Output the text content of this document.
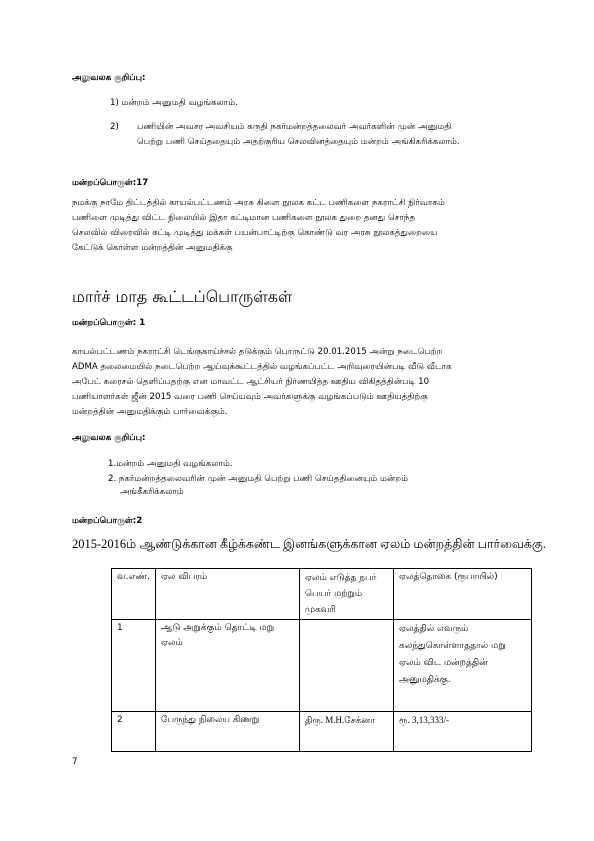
அலுவலக குறிப்பு:

1) மன்றம் அனுமதி வழங்கலாம்.

2) பணியின் அவசர அவசியம் கருதி நகர்மன்றத்தலைவர் அவர்களின் முன் அனுமதி

பெற்று பணி செய்ததையும் அதற்குரிய செலவினத்தையும் மன்றம் அங்கிகரிக்கலாம்.

மன்றப்பொருள்:17

நமக்கு நாமே திட்டத்தில் காயல்பட்டணம் அரசு கிளை நூலக கட்ட பணிகளை நகராட்சி நிர்வாகம்
பணிளை முடித்து விட்ட நிலையில் இதா கட்டிமான பணிகளை நூலக துறை தனது சொந்த
செலவில் விரைவில் கட்டி முடித்து மக்கள் பயன்பாட்டிற்கு கொண்டு வர அரசு நூலகத்துறையை
கேட்டுக் கொள்ள மன்றத்தின் அனுமதிக்கு

மார்ச் மாத கூட்டப்பொருள்கள்

மன்றப்பொருள்: 1

காயல்பட்டணம் நகராட்சி டெங்குகாய்ச்சல் தடுக்கும் பொருட்டு 20.01.2015 அன்று நடைபெற்ற
ADMA தலைமையில் நடைபெற்ற ஆய்வுக்கூட்டத்தில் வழங்கப்பட்ட அறிவுரையின்படி வீடு வீடாக
அபேட் கரைசல் தெளிப்பதற்கு என மாவட்ட ஆட்சியர் நிர்ணயித்த ஊதிய விகிதத்தின்படி 10
பணியாளர்கள் ஜீன் 2015 வரை பணி செய்யவும் அவர்களுக்கு வழங்கப்படும் ஊதியத்திற்கு
மன்றத்தின் அனுமதிக்கும் பார்வைக்கும்.

அலுவலக குறிப்பு:

1.மன்றம் அனுமதி வழங்கலாம்.

2. நகர்மன்றத்தலைவரின் முன் அனுமதி பெற்று பணி செய்ததினையும் மன்றம்

அங்கீகரிக்கலாம்

மன்றப்பொருள்:2

2015-2016ம் ஆண்டுக்கான கீழ்க்கண்ட இனங்களுக்கான ஏலம் மன்றத்தின் பார்வைக்கு.

வ.எண்.	ஏல விபரம்	ஏலம் எடுத்த நபர் பெயர் மற்றும் முகவரி	ஏலத்தொகை (ரூபாயில்)
1	ஆடு அறுக்கும் தொட்டி மறு ஏலம்		ஏலத்தில் எவரும் கலந்துகொள்ளாததால் மறு ஏலம் விட மன்றத்தின் அனுமதிக்கு.
2	பேருந்து நிலைய கிணறு	திரு. M.H.சேக்னா	ரூ. 3,13,333/-

7
